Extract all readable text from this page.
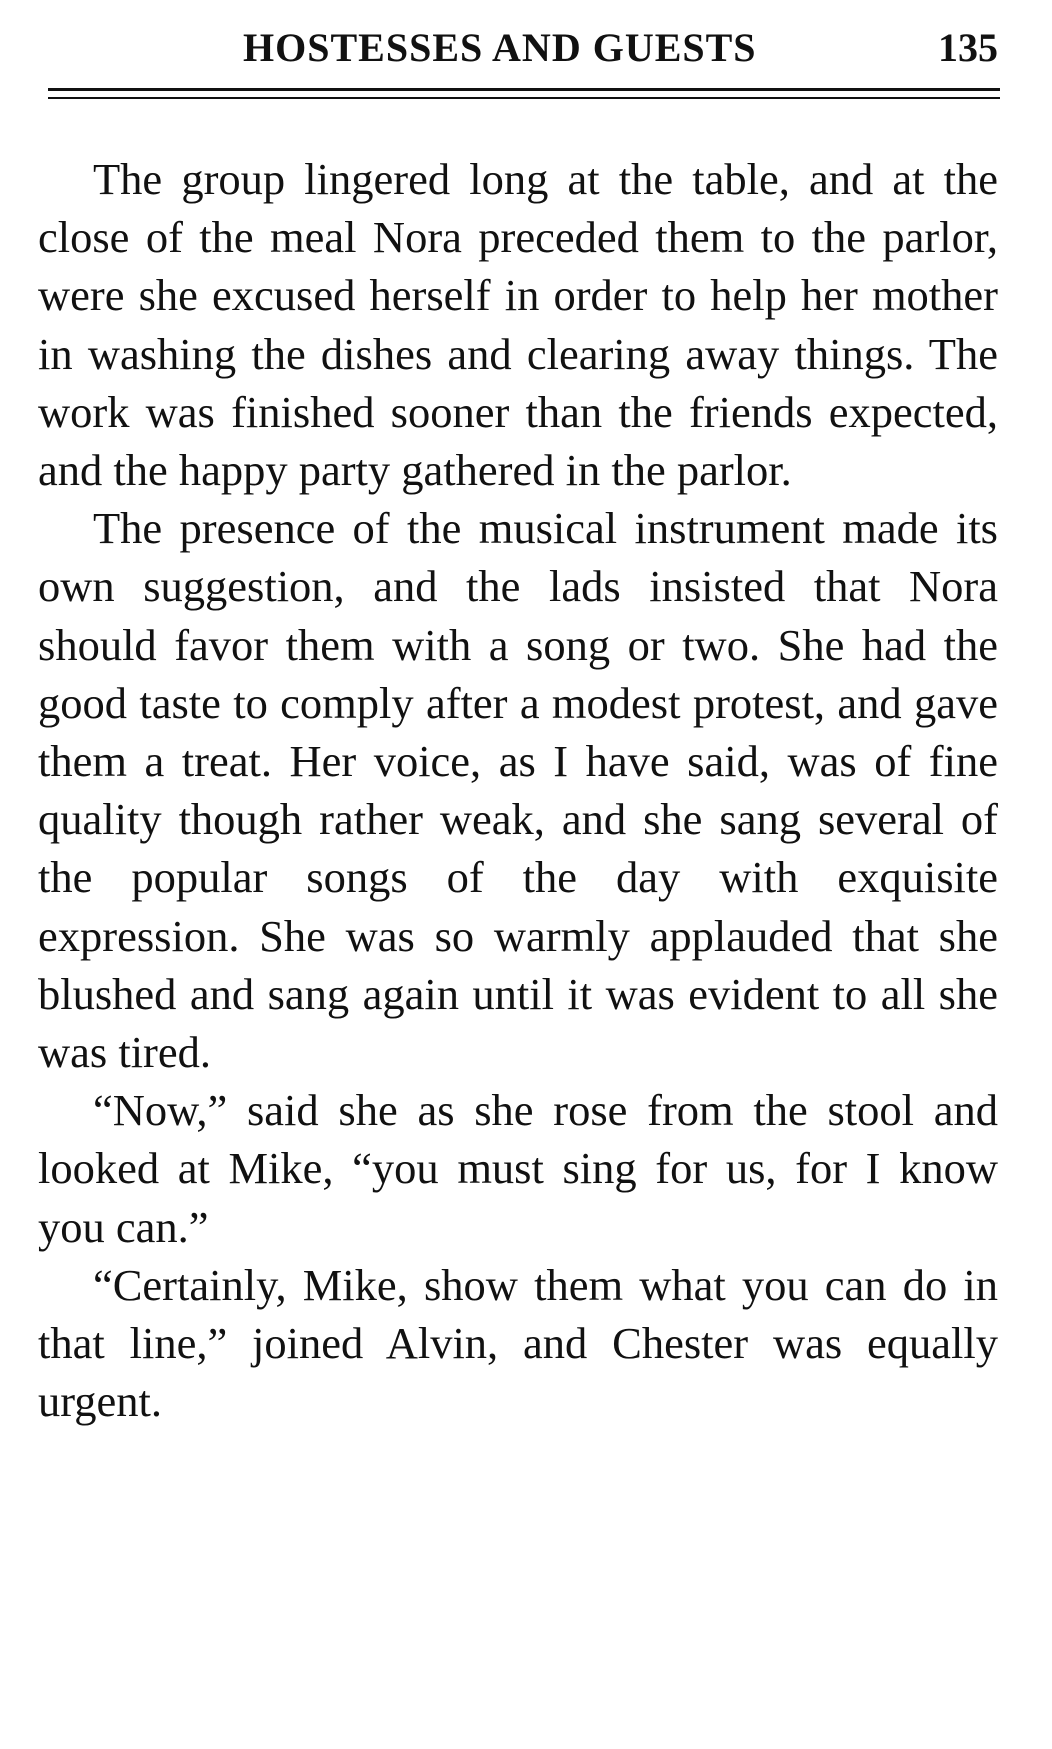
HOSTESSES AND GUESTS	135

The group lingered long at the table, and at the close of the meal Nora preceded them to the parlor, were she excused herself in order to help her mother in washing the dishes and clearing away things. The work was finished sooner than the friends expected, and the happy party gathered in the parlor.

The presence of the musical instrument made its own suggestion, and the lads insisted that Nora should favor them with a song or two. She had the good taste to comply after a modest protest, and gave them a treat. Her voice, as I have said, was of fine quality though rather weak, and she sang several of the popular songs of the day with exquisite expression. She was so warmly applauded that she blushed and sang again until it was evident to all she was tired.

“Now,” said she as she rose from the stool and looked at Mike, “you must sing for us, for I know you can.”

“Certainly, Mike, show them what you can do in that line,” joined Alvin, and Chester was equally urgent.
